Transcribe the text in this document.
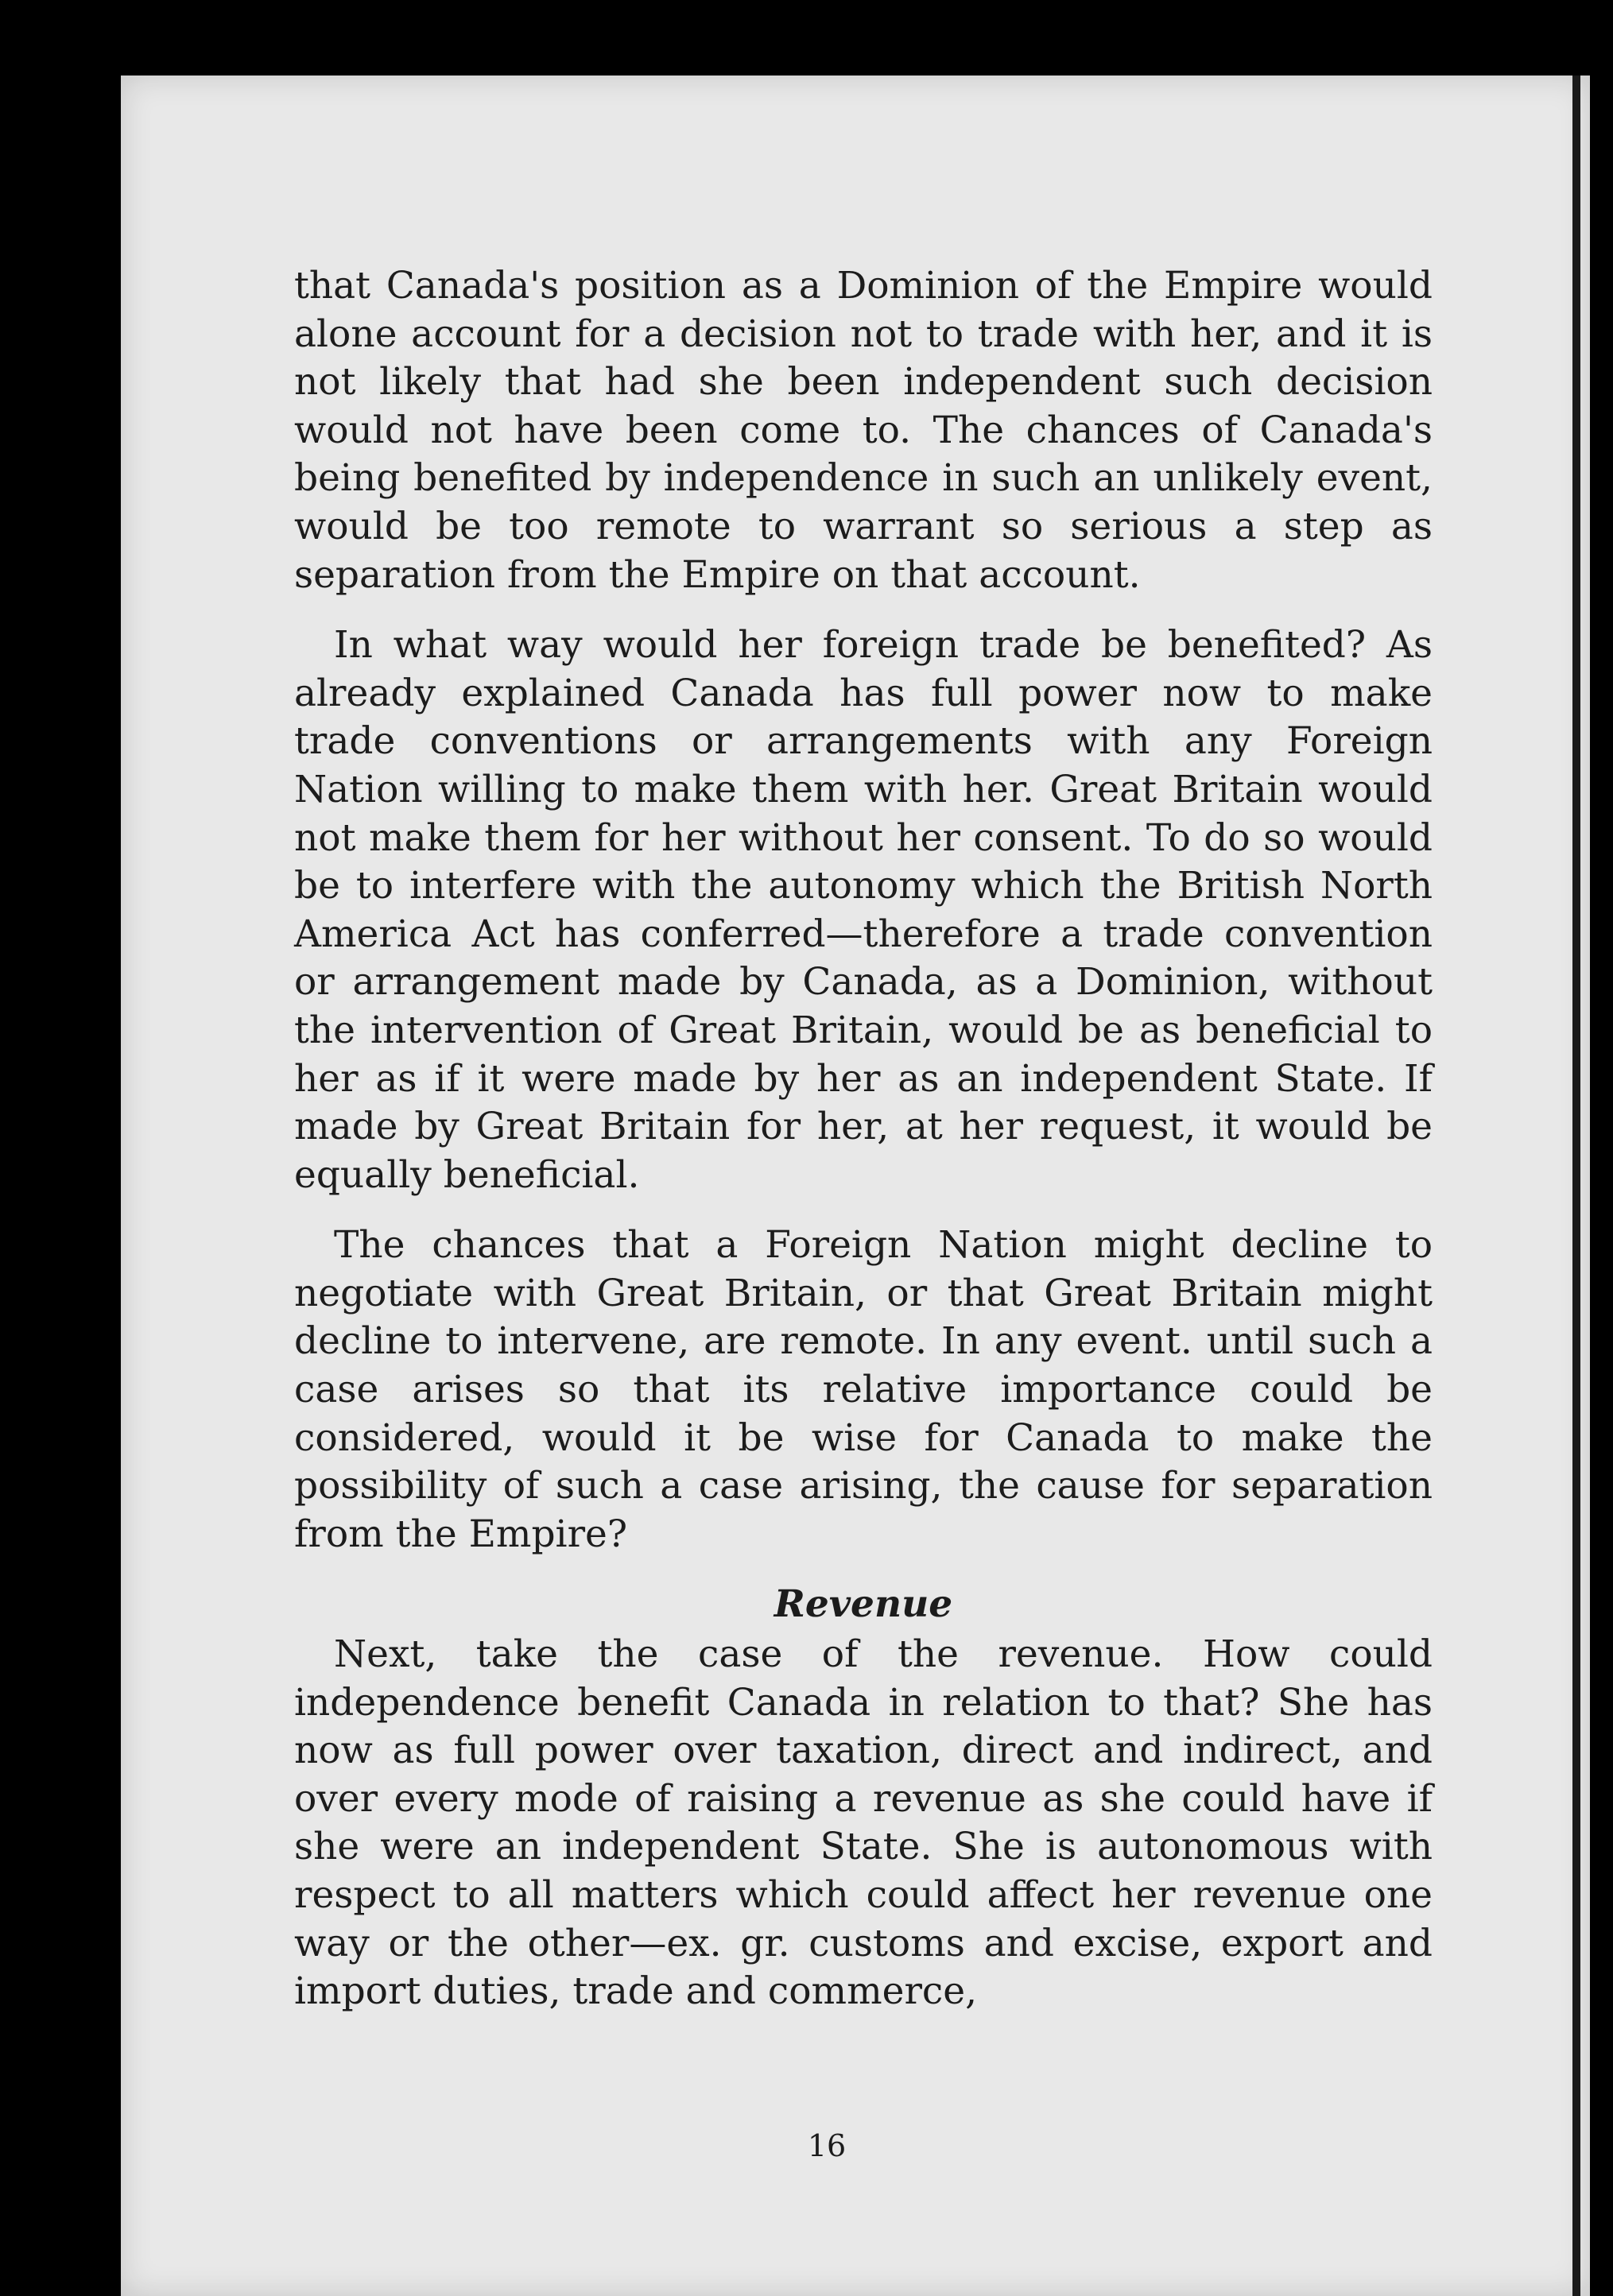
that Canada's position as a Dominion of the Empire would alone account for a decision not to trade with her, and it is not likely that had she been independent such decision would not have been come to. The chances of Canada's being benefited by independence in such an unlikely event, would be too remote to warrant so serious a step as separation from the Empire on that account.

In what way would her foreign trade be benefited? As already explained Canada has full power now to make trade conventions or arrangements with any Foreign Nation willing to make them with her. Great Britain would not make them for her without her consent. To do so would be to interfere with the autonomy which the British North America Act has conferred—therefore a trade convention or arrangement made by Canada, as a Dominion, without the intervention of Great Britain, would be as beneficial to her as if it were made by her as an independent State. If made by Great Britain for her, at her request, it would be equally beneficial.

The chances that a Foreign Nation might decline to negotiate with Great Britain, or that Great Britain might decline to intervene, are remote. In any event. until such a case arises so that its relative importance could be considered, would it be wise for Canada to make the possibility of such a case arising, the cause for separation from the Empire?

Revenue

Next, take the case of the revenue. How could independence benefit Canada in relation to that? She has now as full power over taxation, direct and indirect, and over every mode of raising a revenue as she could have if she were an independent State. She is autonomous with respect to all matters which could affect her revenue one way or the other—ex. gr. customs and excise, export and import duties, trade and commerce,

16
